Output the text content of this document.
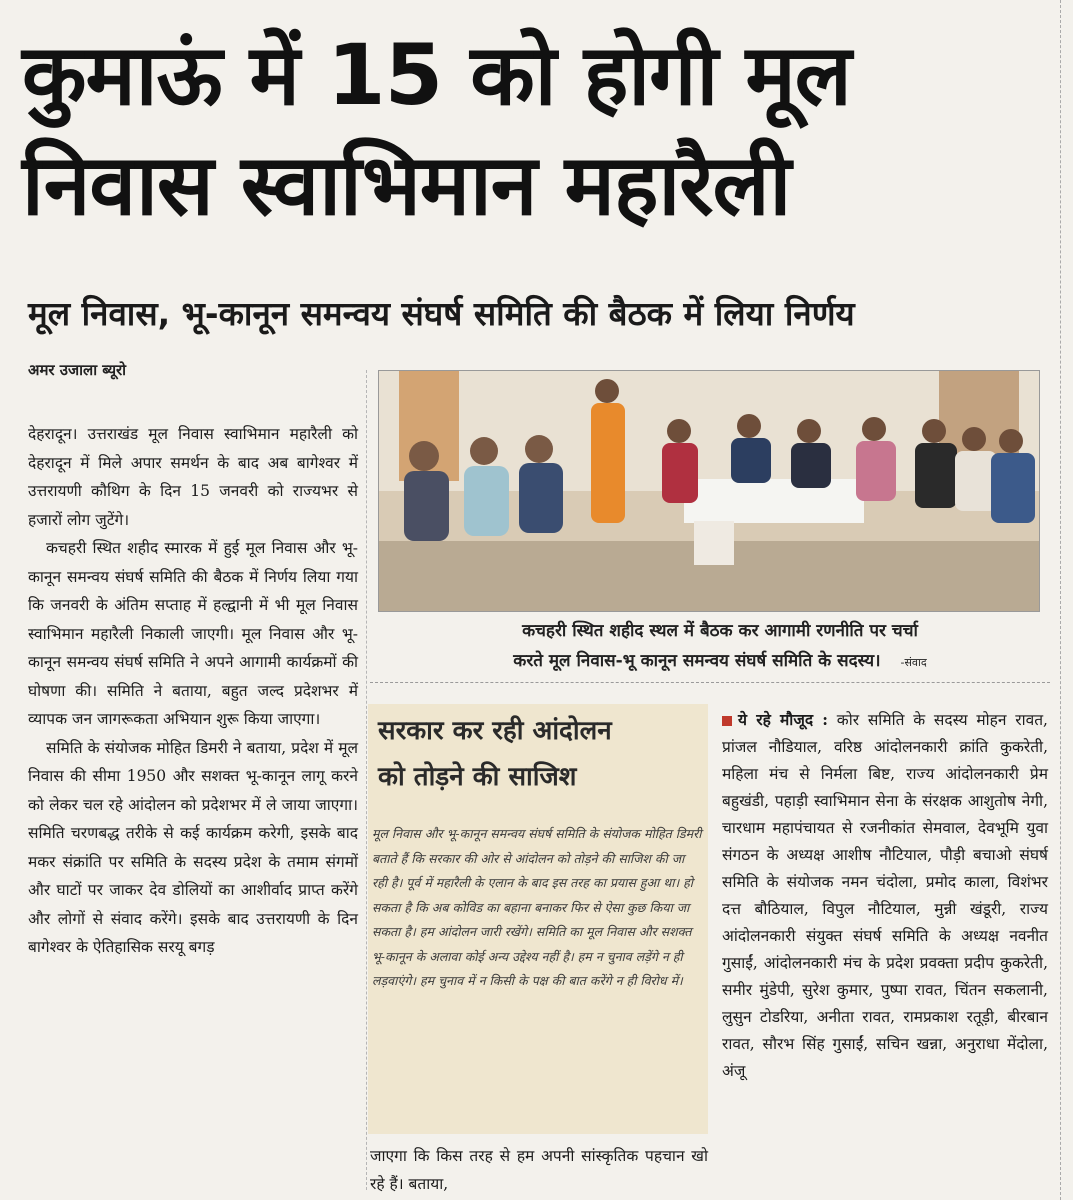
कुमाऊं में 15 को होगी मूल निवास स्वाभिमान महारैली
मूल निवास, भू-कानून समन्वय संघर्ष समिति की बैठक में लिया निर्णय
अमर उजाला ब्यूरो

देहरादून। उत्तराखंड मूल निवास स्वाभिमान महारैली को देहरादून में मिले अपार समर्थन के बाद अब बागेश्वर में उत्तरायणी कौथिग के दिन 15 जनवरी को राज्यभर से हजारों लोग जुटेंगे।

कचहरी स्थित शहीद स्मारक में हुई मूल निवास और भू-कानून समन्वय संघर्ष समिति की बैठक में निर्णय लिया गया कि जनवरी के अंतिम सप्ताह में हल्द्वानी में भी मूल निवास स्वाभिमान महारैली निकाली जाएगी। मूल निवास और भू-कानून समन्वय संघर्ष समिति ने अपने आगामी कार्यक्रमों की घोषणा की। समिति ने बताया, बहुत जल्द प्रदेशभर में व्यापक जन जागरूकता अभियान शुरू किया जाएगा।

समिति के संयोजक मोहित डिमरी ने बताया, प्रदेश में मूल निवास की सीमा 1950 और सशक्त भू-कानून लागू करने को लेकर चल रहे आंदोलन को प्रदेशभर में ले जाया जाएगा। समिति चरणबद्ध तरीके से कई कार्यक्रम करेगी, इसके बाद मकर संक्रांति पर समिति के सदस्य प्रदेश के तमाम संगमों और घाटों पर जाकर देव डोलियों का आशीर्वाद प्राप्त करेंगे और लोगों से संवाद करेंगे। इसके बाद उत्तरायणी के दिन बागेश्वर के ऐतिहासिक सरयू बगड़

कचहरी स्थित शहीद स्थल में बैठक कर आगामी रणनीति पर चर्चा
करते मूल निवास-भू कानून समन्वय संघर्ष समिति के सदस्य। -संवाद
सरकार कर रही आंदोलन
को तोड़ने की साजिश
मूल निवास और भू-कानून समन्वय संघर्ष समिति के संयोजक मोहित डिमरी बताते हैं कि सरकार की ओर से आंदोलन को तोड़ने की साजिश की जा रही है। पूर्व में महारैली के एलान के बाद इस तरह का प्रयास हुआ था। हो सकता है कि अब कोविड का बहाना बनाकर फिर से ऐसा कुछ किया जा सकता है। हम आंदोलन जारी रखेंगे। समिति का मूल निवास और सशक्त भू-कानून के अलावा कोई अन्य उद्देश्य नहीं है। हम न चुनाव लड़ेंगे न ही लड़वाएंगे। हम चुनाव में न किसी के पक्ष की बात करेंगे न ही विरोध में।
जाएगा कि किस तरह से हम अपनी सांस्कृतिक पहचान खो रहे हैं। बताया,
ये रहे मौजूद : कोर समिति के सदस्य मोहन रावत, प्रांजल नौडियाल, वरिष्ठ आंदोलनकारी क्रांति कुकरेती, महिला मंच से निर्मला बिष्ट, राज्य आंदोलनकारी प्रेम बहुखंडी, पहाड़ी स्वाभिमान सेना के संरक्षक आशुतोष नेगी, चारधाम महापंचायत से रजनीकांत सेमवाल, देवभूमि युवा संगठन के अध्यक्ष आशीष नौटियाल, पौड़ी बचाओ संघर्ष समिति के संयोजक नमन चंदोला, प्रमोद काला, विशंभर दत्त बौठियाल, विपुल नौटियाल, मुन्नी खंडूरी, राज्य आंदोलनकारी संयुक्त संघर्ष समिति के अध्यक्ष नवनीत गुसाईं, आंदोलनकारी मंच के प्रदेश प्रवक्ता प्रदीप कुकरेती, समीर मुंडेपी, सुरेश कुमार, पुष्पा रावत, चिंतन सकलानी, लुसुन टोडरिया, अनीता रावत, रामप्रकाश रतूड़ी, बीरबान रावत, सौरभ सिंह गुसाईं, सचिन खन्ना, अनुराधा मेंदोला, अंजू
